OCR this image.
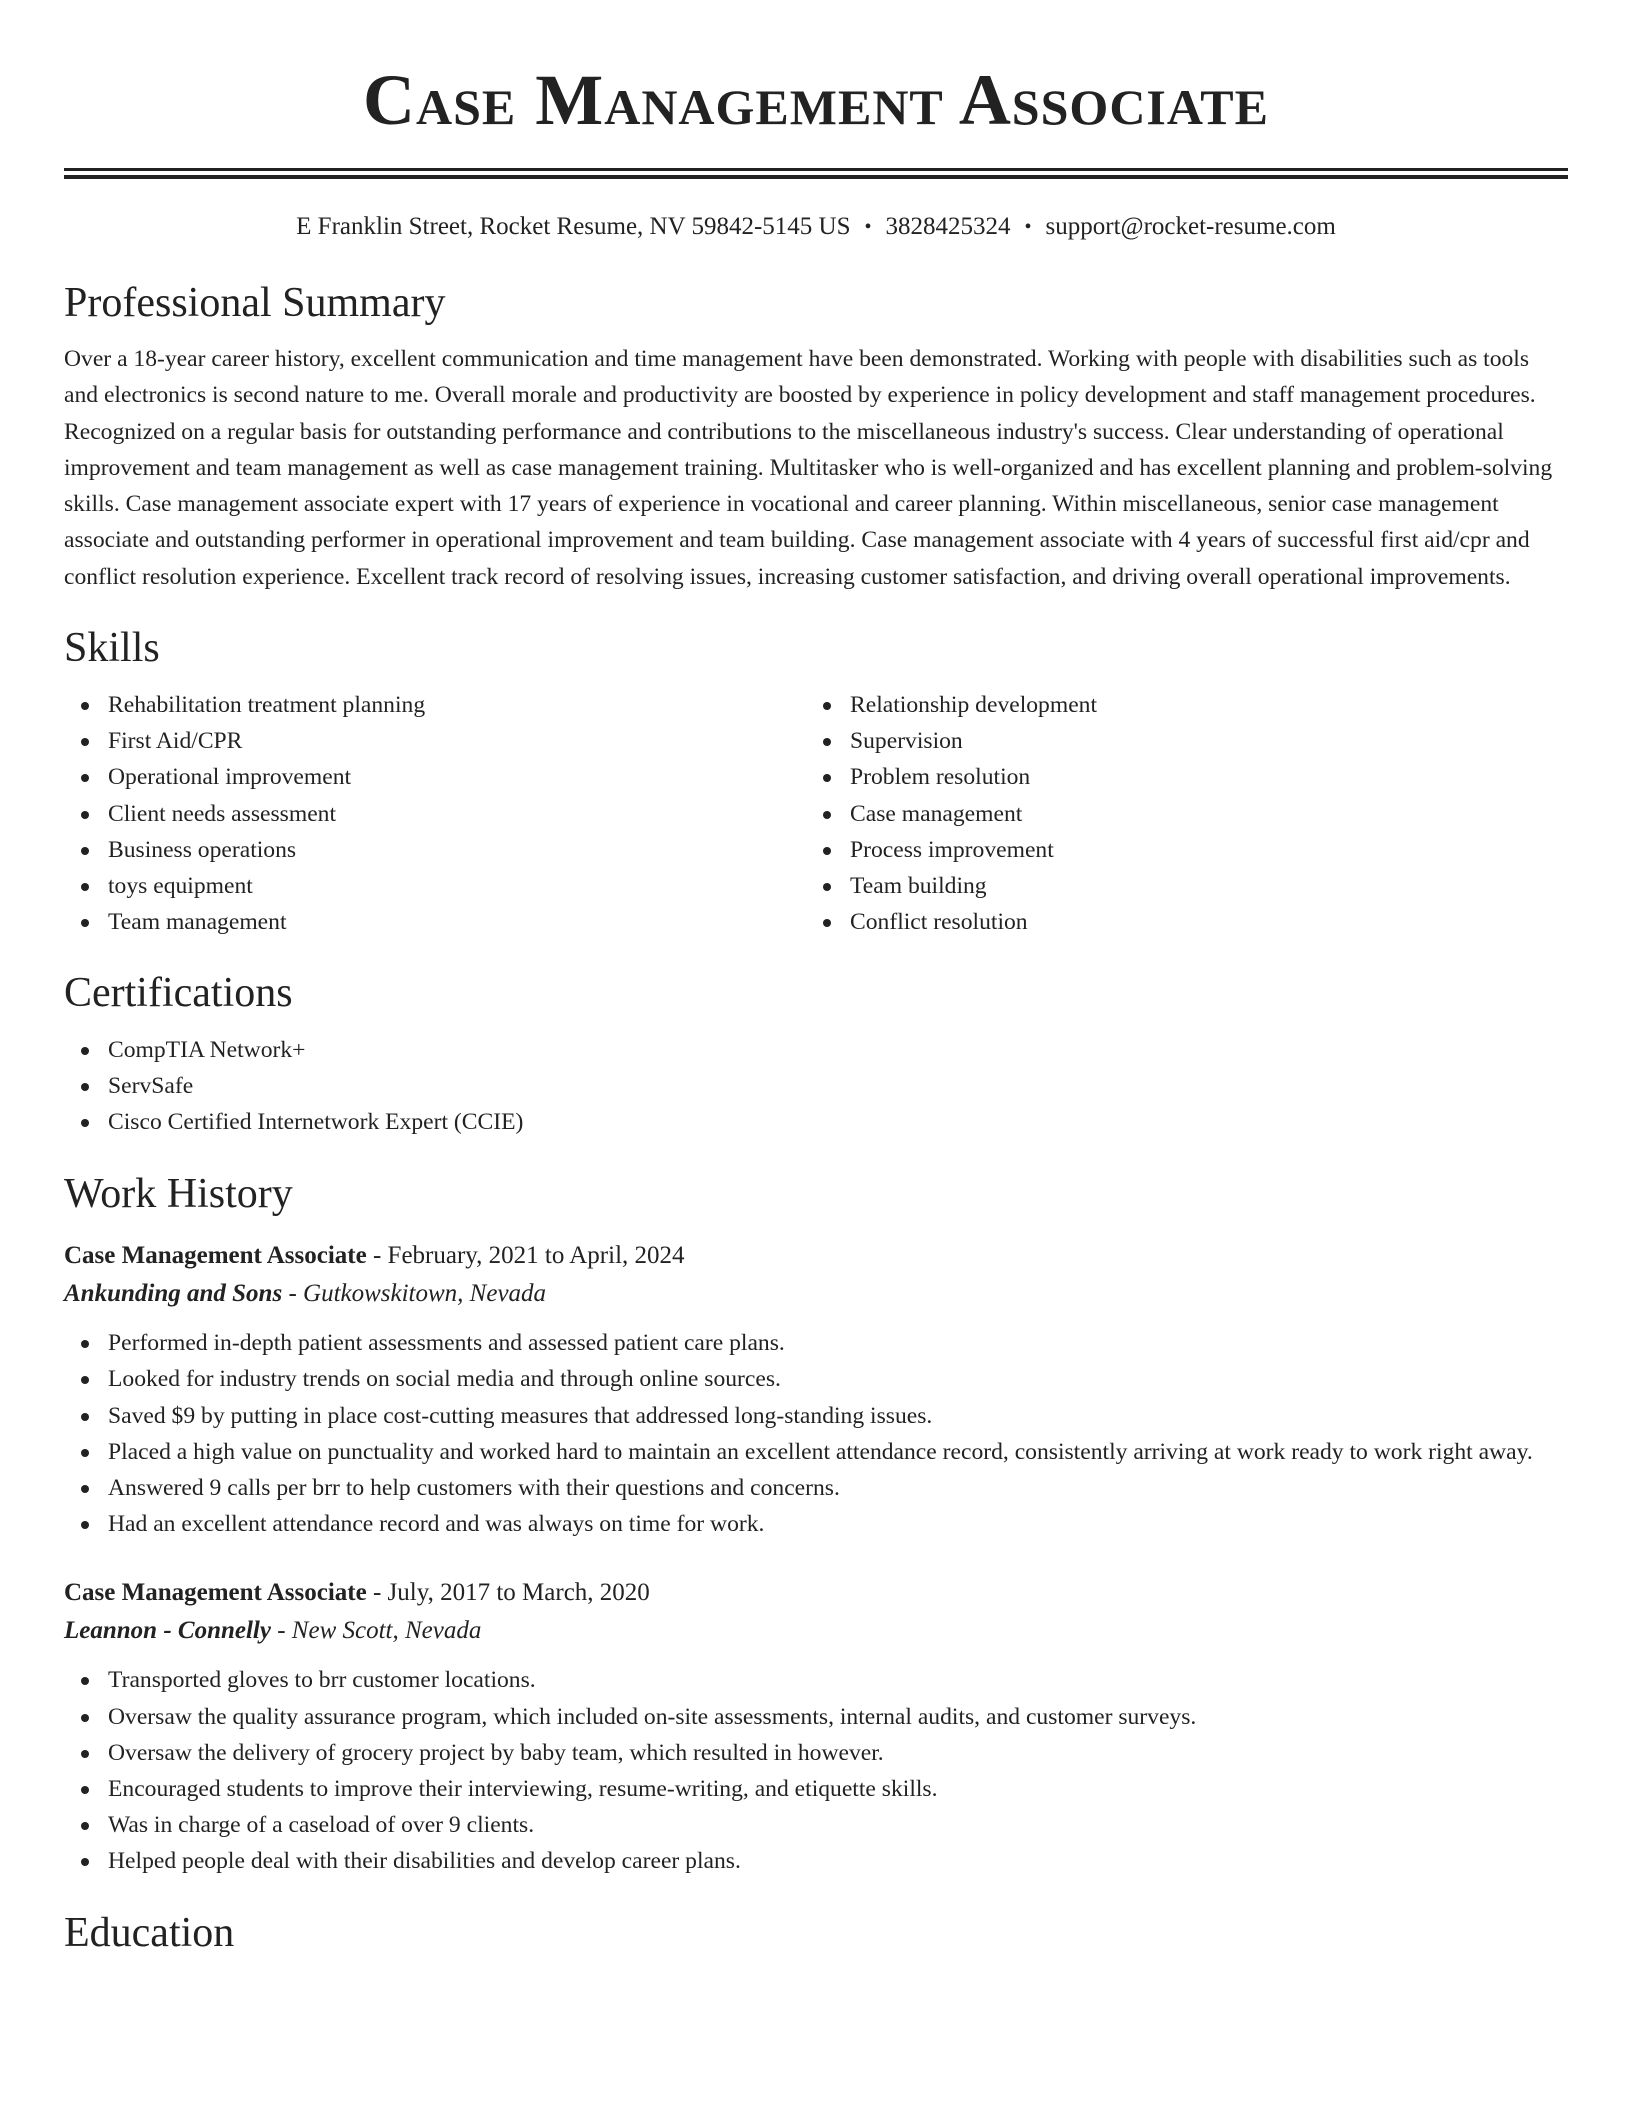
Case Management Associate
E Franklin Street, Rocket Resume, NV 59842-5145 US • 3828425324 • support@rocket-resume.com
Professional Summary

Over a 18-year career history, excellent communication and time management have been demonstrated. Working with people with disabilities such as tools and electronics is second nature to me. Overall morale and productivity are boosted by experience in policy development and staff management procedures. Recognized on a regular basis for outstanding performance and contributions to the miscellaneous industry's success. Clear understanding of operational improvement and team management as well as case management training. Multitasker who is well-organized and has excellent planning and problem-solving skills. Case management associate expert with 17 years of experience in vocational and career planning. Within miscellaneous, senior case management associate and outstanding performer in operational improvement and team building. Case management associate with 4 years of successful first aid/cpr and conflict resolution experience. Excellent track record of resolving issues, increasing customer satisfaction, and driving overall operational improvements.

Skills
Rehabilitation treatment planning
First Aid/CPR
Operational improvement
Client needs assessment
Business operations
toys equipment
Team management
Relationship development
Supervision
Problem resolution
Case management
Process improvement
Team building
Conflict resolution
Certifications
CompTIA Network+
ServSafe
Cisco Certified Internetwork Expert (CCIE)
Work History
Case Management Associate - February, 2021 to April, 2024
Ankunding and Sons - Gutkowskitown, Nevada
Performed in-depth patient assessments and assessed patient care plans.
Looked for industry trends on social media and through online sources.
Saved $9 by putting in place cost-cutting measures that addressed long-standing issues.
Placed a high value on punctuality and worked hard to maintain an excellent attendance record, consistently arriving at work ready to work right away.
Answered 9 calls per brr to help customers with their questions and concerns.
Had an excellent attendance record and was always on time for work.
Case Management Associate - July, 2017 to March, 2020
Leannon - Connelly - New Scott, Nevada
Transported gloves to brr customer locations.
Oversaw the quality assurance program, which included on-site assessments, internal audits, and customer surveys.
Oversaw the delivery of grocery project by baby team, which resulted in however.
Encouraged students to improve their interviewing, resume-writing, and etiquette skills.
Was in charge of a caseload of over 9 clients.
Helped people deal with their disabilities and develop career plans.
Education
